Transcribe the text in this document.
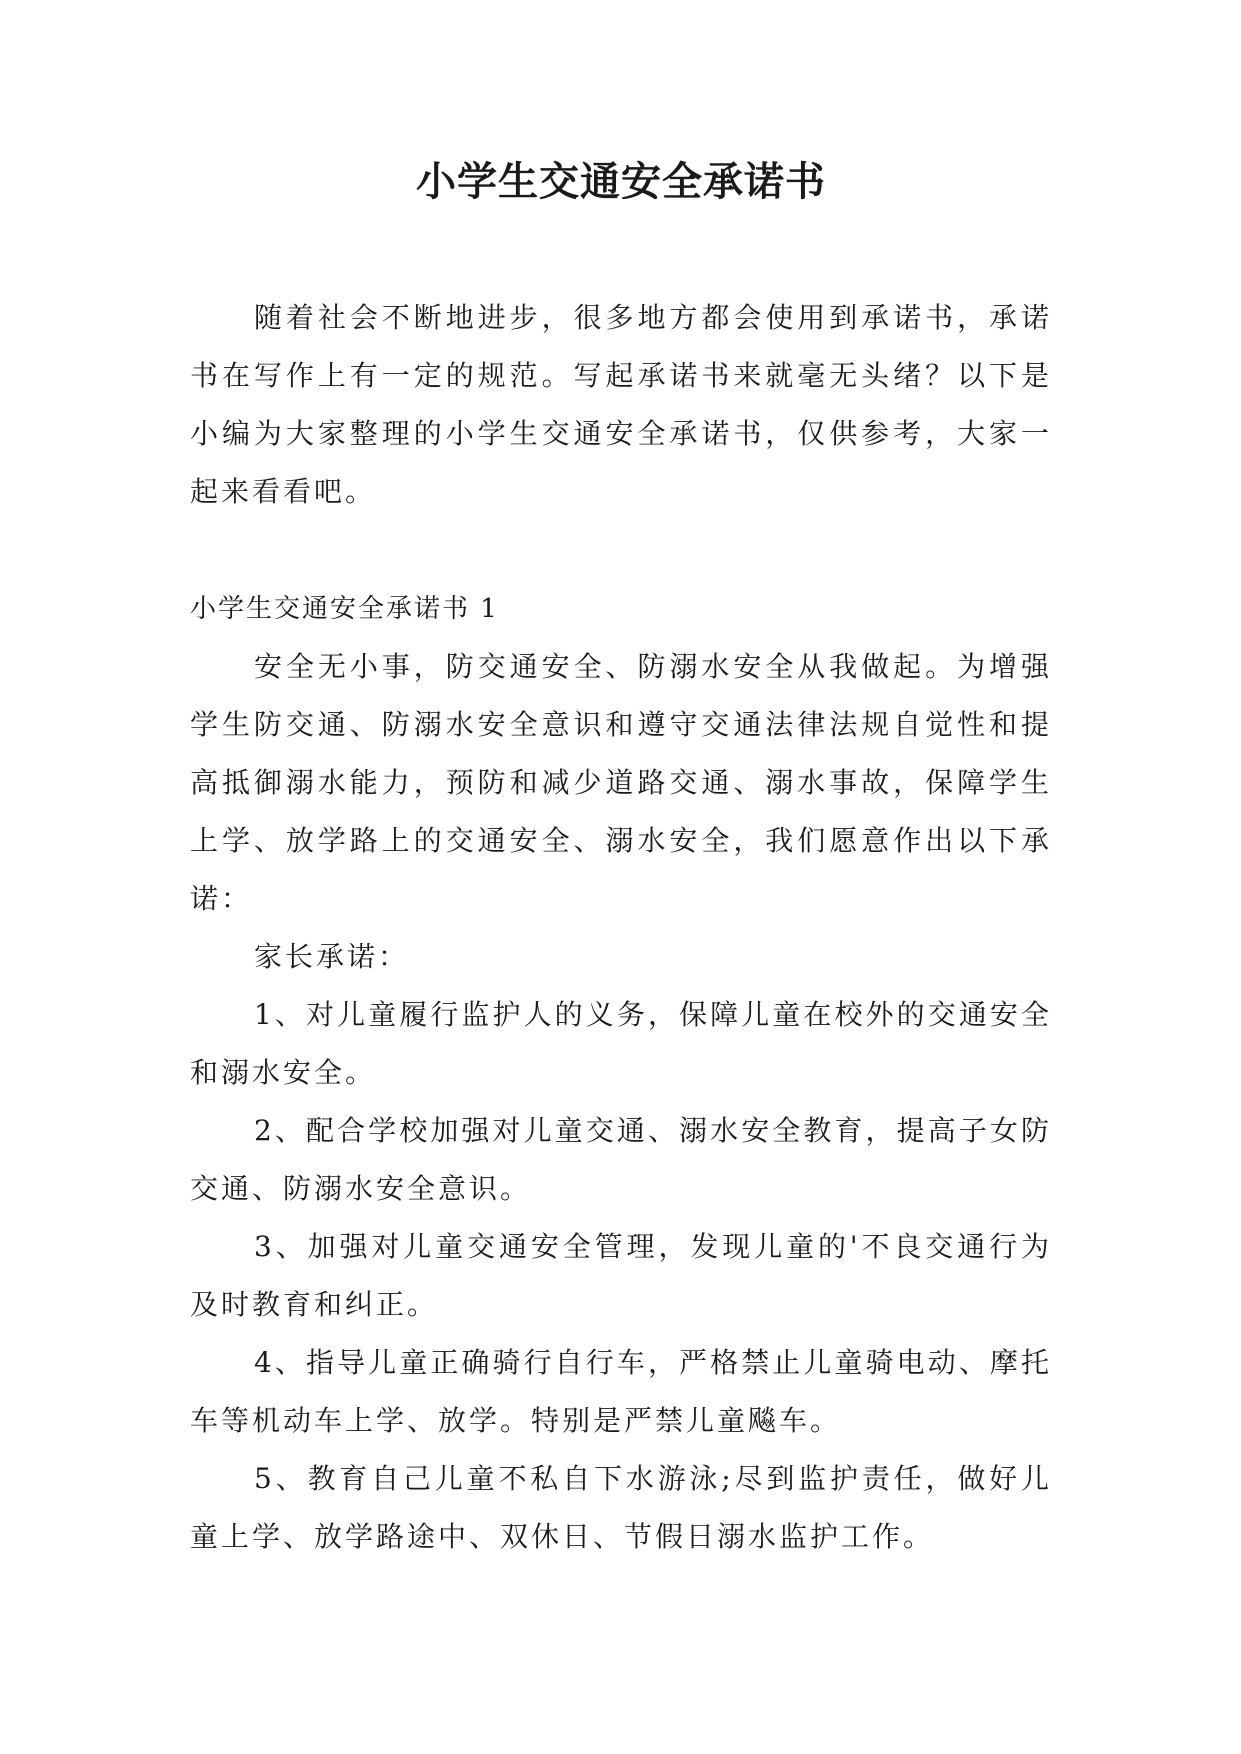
小学生交通安全承诺书

随着社会不断地进步，很多地方都会使用到承诺书，承诺书在写作上有一定的规范。写起承诺书来就毫无头绪？以下是小编为大家整理的小学生交通安全承诺书，仅供参考，大家一起来看看吧。

小学生交通安全承诺书 1

安全无小事，防交通安全、防溺水安全从我做起。为增强学生防交通、防溺水安全意识和遵守交通法律法规自觉性和提高抵御溺水能力，预防和减少道路交通、溺水事故，保障学生上学、放学路上的交通安全、溺水安全，我们愿意作出以下承诺：

家长承诺：

1、对儿童履行监护人的义务，保障儿童在校外的交通安全和溺水安全。

2、配合学校加强对儿童交通、溺水安全教育，提高子女防交通、防溺水安全意识。

3、加强对儿童交通安全管理，发现儿童的'不良交通行为及时教育和纠正。

4、指导儿童正确骑行自行车，严格禁止儿童骑电动、摩托车等机动车上学、放学。特别是严禁儿童飚车。

5、教育自己儿童不私自下水游泳;尽到监护责任，做好儿童上学、放学路途中、双休日、节假日溺水监护工作。
